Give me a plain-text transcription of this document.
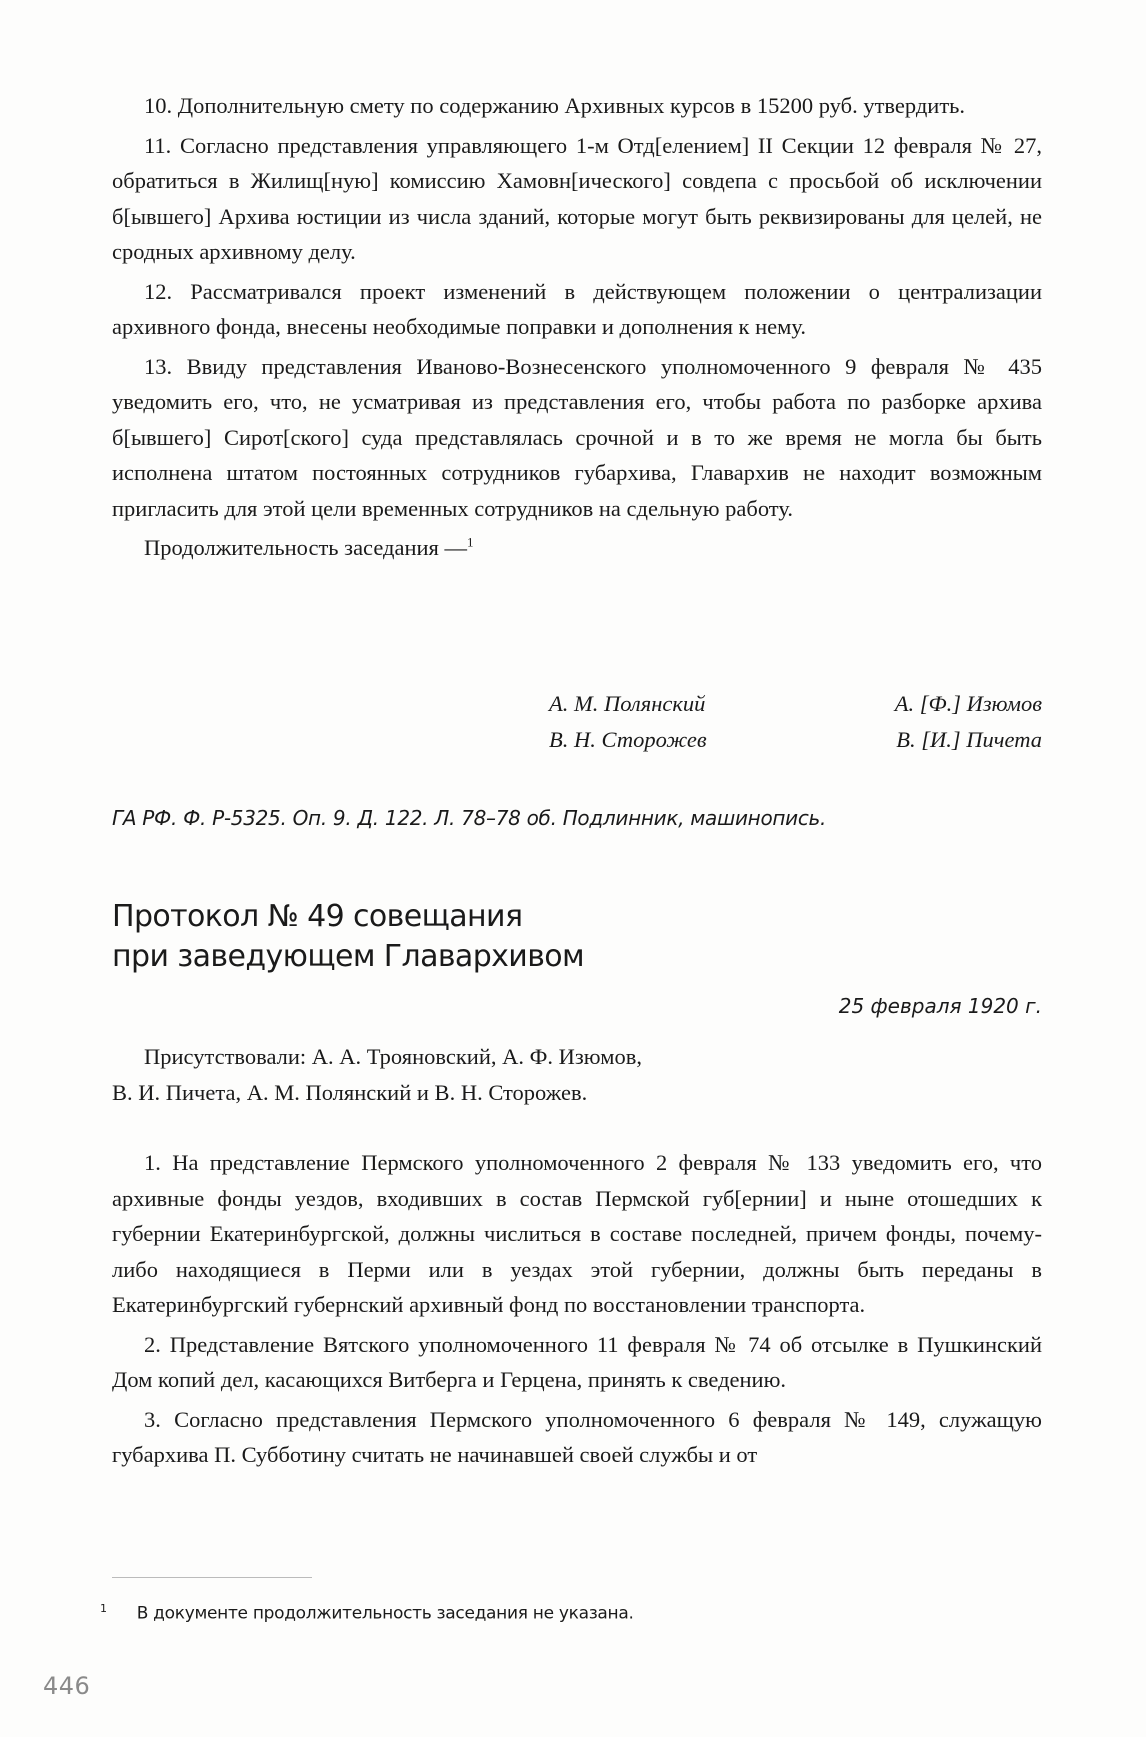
10. Дополнительную смету по содержанию Архивных курсов в 15200 руб. утвердить.

11. Согласно представления управляющего 1-м Отд[елением] II Секции 12 февраля № 27, обратиться в Жилищ[ную] комиссию Хамовн[ического] совдепа с просьбой об исключении б[ывшего] Архива юстиции из числа зданий, которые могут быть реквизированы для целей, не сродных архивному делу.

12. Рассматривался проект изменений в действующем положении о централизации архивного фонда, внесены необходимые поправки и дополнения к нему.

13. Ввиду представления Иваново-Вознесенского уполномоченного 9 февраля № 435 уведомить его, что, не усматривая из представления его, чтобы работа по разборке архива б[ывшего] Сирот[ского] суда представлялась срочной и в то же время не могла бы быть исполнена штатом постоянных сотрудников губархива, Главархив не находит возможным пригласить для этой цели временных сотрудников на сдельную работу.

Продолжительность заседания —$^1$

А. М. Полянский
В. Н. Сторожев
А. [Ф.] Изюмов
В. [И.] Пичета
ГА РФ. Ф. Р-5325. Оп. 9. Д. 122. Л. 78–78 об. Подлинник, машинопись.
Протокол № 49 совещания
при заведующем Главархивом
25 февраля 1920 г.
Присутствовали: А. А. Трояновский, А. Ф. Изюмов,
В. И. Пичета, А. М. Полянский и В. Н. Сторожев.

1. На представление Пермского уполномоченного 2 февраля № 133 уведомить его, что архивные фонды уездов, входивших в состав Пермской губ[ернии] и ныне отошедших к губернии Екатеринбургской, должны числиться в составе последней, причем фонды, почему-либо находящиеся в Перми или в уездах этой губернии, должны быть переданы в Екатеринбургский губернский архивный фонд по восстановлении транспорта.

2. Представление Вятского уполномоченного 11 февраля № 74 об отсылке в Пушкинский Дом копий дел, касающихся Витберга и Герцена, принять к сведению.

3. Согласно представления Пермского уполномоченного 6 февраля № 149, служащую губархива П. Субботину считать не начинавшей своей службы и от

$^1$ В документе продолжительность заседания не указана.
446
